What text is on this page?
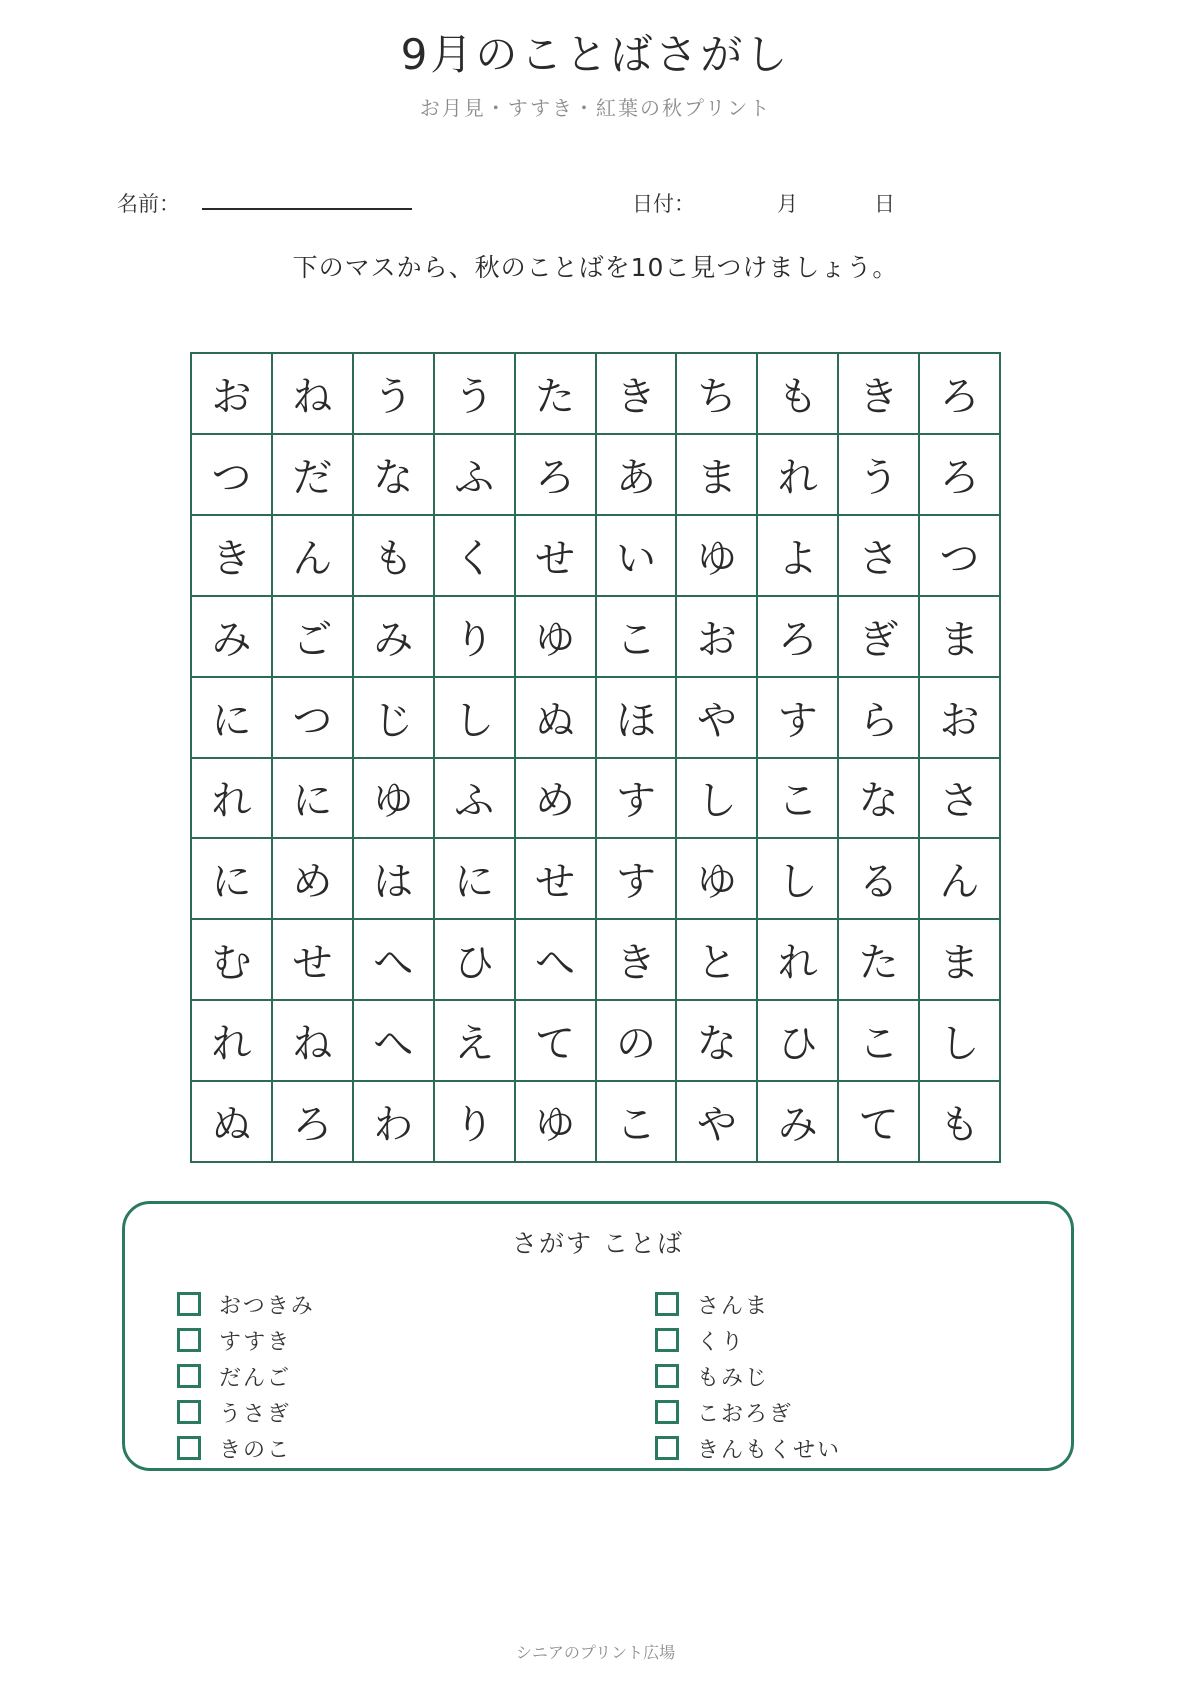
9月のことばさがし
お月見・すすき・紅葉の秋プリント
名前：	日付：	月	日
下のマスから、秋のことばを10こ見つけましょう。
お	ね	う	う	た	き	ち	も	き	ろ
つ	だ	な	ふ	ろ	あ	ま	れ	う	ろ
き	ん	も	く	せ	い	ゆ	よ	さ	つ
み	ご	み	り	ゆ	こ	お	ろ	ぎ	ま
に	つ	じ	し	ぬ	ほ	や	す	ら	お
れ	に	ゆ	ふ	め	す	し	こ	な	さ
に	め	は	に	せ	す	ゆ	し	る	ん
む	せ	へ	ひ	へ	き	と	れ	た	ま
れ	ね	へ	え	て	の	な	ひ	こ	し
ぬ	ろ	わ	り	ゆ	こ	や	み	て	も
さがす ことば
おつきみ
すすき
だんご
うさぎ
きのこ
さんま
くり
もみじ
こおろぎ
きんもくせい
シニアのプリント広場
